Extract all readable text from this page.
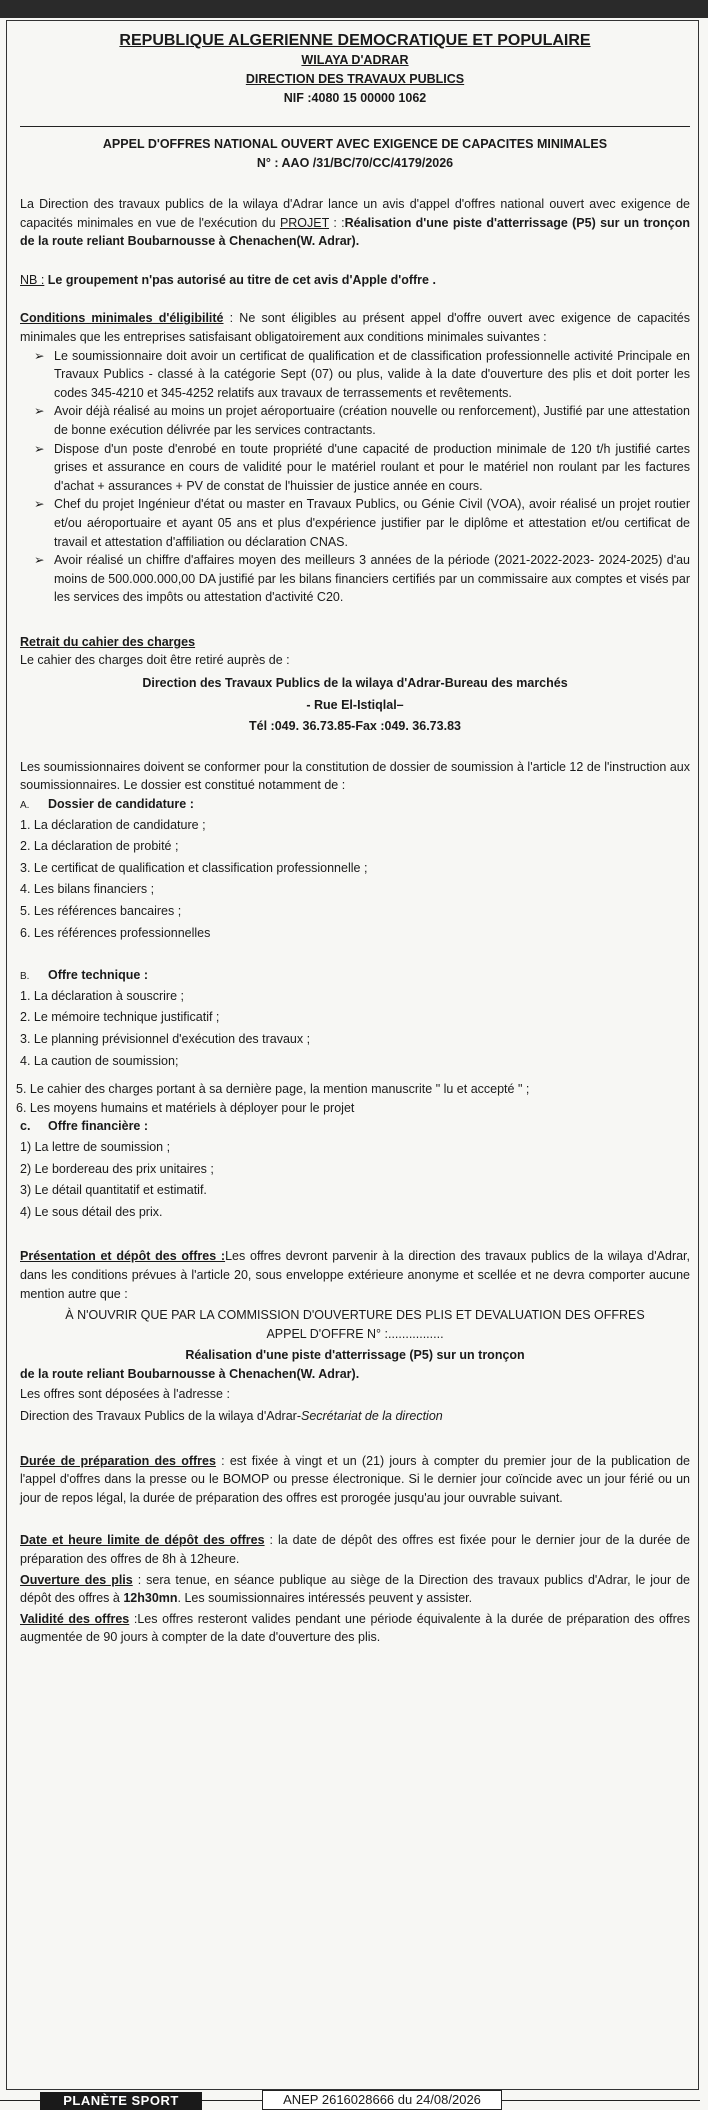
REPUBLIQUE ALGERIENNE DEMOCRATIQUE ET POPULAIRE
WILAYA D'ADRAR
DIRECTION DES TRAVAUX PUBLICS
NIF :4080 15 00000 1062
APPEL D'OFFRES NATIONAL OUVERT AVEC EXIGENCE DE CAPACITES MINIMALES
N° : AAO /31/BC/70/CC/4179/2026

La Direction des travaux publics de la wilaya d'Adrar lance un avis d'appel d'offres national ouvert avec exigence de capacités minimales en vue de l'exécution du PROJET : :Réalisation d'une piste d'atterrissage (P5) sur un tronçon de la route reliant Boubarnousse à Chenachen(W. Adrar).

NB : Le groupement n'pas autorisé au titre de cet avis d'Apple d'offre .

Conditions minimales d'éligibilité : Ne sont éligibles au présent appel d'offre ouvert avec exigence de capacités minimales que les entreprises satisfaisant obligatoirement aux conditions minimales suivantes :

➢ Le soumissionnaire doit avoir un certificat de qualification et de classification professionnelle activité Principale en Travaux Publics - classé à la catégorie Sept (07) ou plus, valide à la date d'ouverture des plis et doit porter les codes 345-4210 et 345-4252 relatifs aux travaux de terrassements et revêtements.
➢ Avoir déjà réalisé au moins un projet aéroportuaire (création nouvelle ou renforcement), Justifié par une attestation de bonne exécution délivrée par les services contractants.
➢ Dispose d'un poste d'enrobé en toute propriété d'une capacité de production minimale de 120 t/h justifié cartes grises et assurance en cours de validité pour le matériel roulant et pour le matériel non roulant par les factures d'achat + assurances + PV de constat de l'huissier de justice année en cours.
➢ Chef du projet Ingénieur d'état ou master en Travaux Publics, ou Génie Civil (VOA), avoir réalisé un projet routier et/ou aéroportuaire et ayant 05 ans et plus d'expérience justifier par le diplôme et attestation et/ou certificat de travail et attestation d'affiliation ou déclaration CNAS.
➢ Avoir réalisé un chiffre d'affaires moyen des meilleurs 3 années de la période (2021-2022-2023- 2024-2025) d'au moins de 500.000.000,00 DA justifié par les bilans financiers certifiés par un commissaire aux comptes et visés par les services des impôts ou attestation d'activité C20.

Retrait du cahier des charges

Le cahier des charges doit être retiré auprès de :

Direction des Travaux Publics de la wilaya d'Adrar-Bureau des marchés

- Rue El-Istiqlal–

Tél :049. 36.73.85-Fax :049. 36.73.83

Les soumissionnaires doivent se conformer pour la constitution de dossier de soumission à l'article 12 de l'instruction aux soumissionnaires. Le dossier est constitué notamment de :

A. Dossier de candidature :

1. La déclaration de candidature ;

2. La déclaration de probité ;

3. Le certificat de qualification et classification professionnelle ;

4. Les bilans financiers ;

5. Les références bancaires ;

6. Les références professionnelles

B. Offre technique :

1. La déclaration à souscrire ;

2. Le mémoire technique justificatif ;

3. Le planning prévisionnel d'exécution des travaux ;

4. La caution de soumission;

5. Le cahier des charges portant à sa dernière page, la mention manuscrite " lu et accepté " ;

6. Les moyens humains et matériels à déployer pour le projet

c. Offre financière :

1) La lettre de soumission ;

2) Le bordereau des prix unitaires ;

3) Le détail quantitatif et estimatif.

4) Le sous détail des prix.

Présentation et dépôt des offres :Les offres devront parvenir à la direction des travaux publics de la wilaya d'Adrar, dans les conditions prévues à l'article 20, sous enveloppe extérieure anonyme et scellée et ne devra comporter aucune mention autre que :

À N'OUVRIR QUE PAR LA COMMISSION D'OUVERTURE DES PLIS ET DEVALUATION DES OFFRES

APPEL D'OFFRE N° :................

Réalisation d'une piste d'atterrissage (P5) sur un tronçon

de la route reliant Boubarnousse à Chenachen(W. Adrar).

Les offres sont déposées à l'adresse :

Direction des Travaux Publics de la wilaya d'Adrar-Secrétariat de la direction

Durée de préparation des offres : est fixée à vingt et un (21) jours à compter du premier jour de la publication de l'appel d'offres dans la presse ou le BOMOP ou presse électronique. Si le dernier jour coïncide avec un jour férié ou un jour de repos légal, la durée de préparation des offres est prorogée jusqu'au jour ouvrable suivant.

Date et heure limite de dépôt des offres : la date de dépôt des offres est fixée pour le dernier jour de la durée de préparation des offres de 8h à 12heure.

Ouverture des plis : sera tenue, en séance publique au siège de la Direction des travaux publics d'Adrar, le jour de dépôt des offres à 12h30mn. Les soumissionnaires intéressés peuvent y assister.

Validité des offres :Les offres resteront valides pendant une période équivalente à la durée de préparation des offres augmentée de 90 jours à compter de la date d'ouverture des plis.

PLANÈTE SPORT	ANEP 2616028666 du 24/08/2026
